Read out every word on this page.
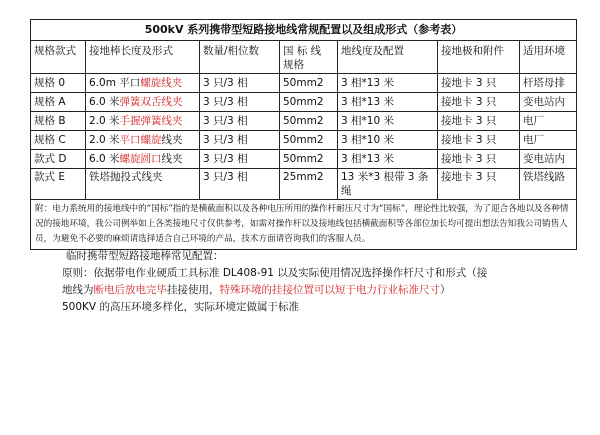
500kV 系列携带型短路接地线常规配置以及组成形式（参考表）						
规格款式	接地棒长度及形式	数量/相位数	国 标 线 规格	地线度及配置	接地极和附件	适用环境
规格 0	6.0m 平口螺旋线夹	3 只/3 相	50mm2	3 相*13 米	接地卡 3 只	杆塔母排
规格 A	6.0 米弹簧双舌线夹	3 只/3 相	50mm2	3 相*13 米	接地卡 3 只	变电站内
规格 B	2.0 米手握弹簧线夹	3 只/3 相	50mm2	3 相*10 米	接地卡 3 只	电厂
规格 C	2.0 米平口螺旋线夹	3 只/3 相	50mm2	3 相*10 米	接地卡 3 只	电厂
款式 D	6.0 米螺旋圆口线夹	3 只/3 相	50mm2	3 相*13 米	接地卡 3 只	变电站内
款式 E	铁塔抛投式线夹	3 只/3 相	25mm2	13 米*3 根带 3 条绳	接地卡 3 只	铁塔线路
附：电力系统用的接地线中的“国标”指的是横截面积以及各种电压所用的操作杆耐压尺寸为“国标”，理论性比较强，为了迎合各地以及各种情况的接地环境，我公司例举如上各类接地尺寸仅供参考，如需对操作杆以及接地线包括横截面积等各部位加长均可提出想法告知我公司销售人员，为避免不必要的麻烦请选择适合自己环境的产品，技术方面请咨询我们的客服人员。						

临时携带型短路接地棒常见配置：

原则：依据带电作业硬质工具标准 DL408-91 以及实际使用情况选择操作杆尺寸和形式（接

地线为断电后放电完毕挂接使用，特殊环境的挂接位置可以短于电力行业标准尺寸）

500KV 的高压环境多样化，实际环境定做属于标准
